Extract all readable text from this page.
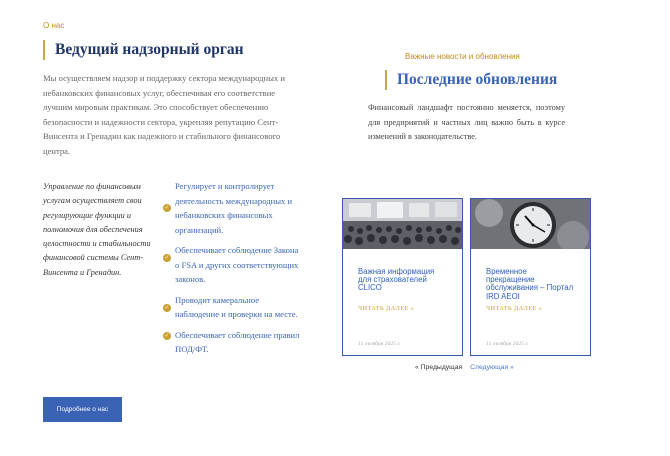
О нас
Ведущий надзорный орган

Мы осуществляем надзор и поддержку сектора международных и небанковских финансовых услуг, обеспечивая его соответствие лучшим мировым практикам. Это способствует обеспечению безопасности и надежности сектора, укрепляя репутацию Сент-Винсента и Гренадин как надежного и стабильного финансового центра.

Управление по финансовым услугам осуществляет свои регулирующие функции и полномочия для обеспечения целостности и стабильности финансовой системы Сент-Винсента и Гренадин.

✓
Регулирует и контролирует деятельность международных и небанковских финансовых организаций.
✓
Обеспечивает соблюдение Закона о FSA и других соответствующих законов.
✓
Проводит камеральное наблюдение и проверки на месте.
✓ Обеспечивает соблюдение правил ПОД/ФТ.
Подробнее о нас
Важные новости и обновления
Последние обновления

Финансовый ландшафт постоянно меняется, поэтому для предприятий и частных лиц важно быть в курсе изменений в законодательстве.

Важная информация для страхователей CLICO
ЧИТАТЬ ДАЛЕЕ »
11 октября 2025 г.
Временное прекращение обслуживания – Портал IRD AEOI
ЧИТАТЬ ДАЛЕЕ »
11 октября 2025 г.
« Предыдущая Следующая »
